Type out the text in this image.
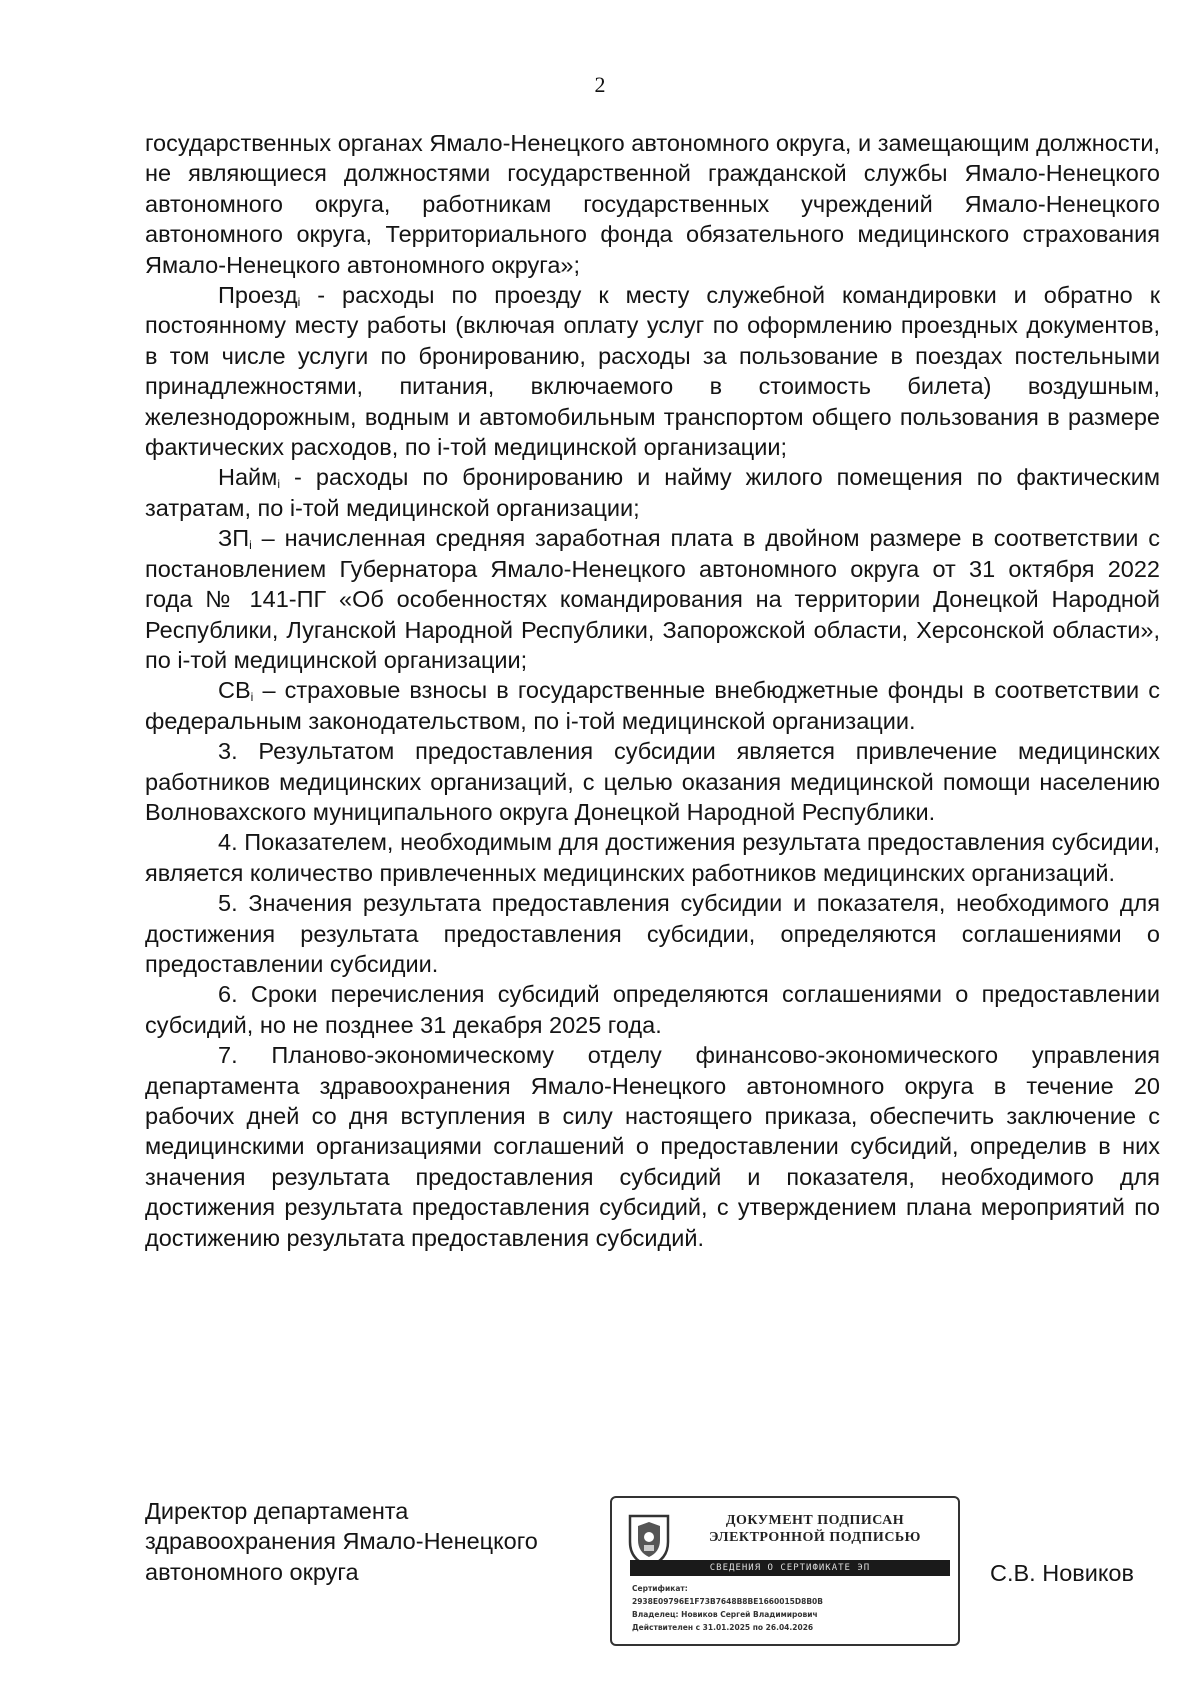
2

государственных органах Ямало-Ненецкого автономного округа, и замещающим должности, не являющиеся должностями государственной гражданской службы Ямало-Ненецкого автономного округа, работникам государственных учреждений Ямало-Ненецкого автономного округа, Территориального фонда обязательного медицинского страхования Ямало-Ненецкого автономного округа»;

Проезд$_i$ - расходы по проезду к месту служебной командировки и обратно к постоянному месту работы (включая оплату услуг по оформлению проездных документов, в том числе услуги по бронированию, расходы за пользование в поездах постельными принадлежностями, питания, включаемого в стоимость билета) воздушным, железнодорожным, водным и автомобильным транспортом общего пользования в размере фактических расходов, по i-той медицинской организации;

Найм$_i$ - расходы по бронированию и найму жилого помещения по фактическим затратам, по i-той медицинской организации;

$ЗП_i$ – начисленная средняя заработная плата в двойном размере в соответствии с постановлением Губернатора Ямало-Ненецкого автономного округа от 31 октября 2022 года № 141-ПГ «Об особенностях командирования на территории Донецкой Народной Республики, Луганской Народной Республики, Запорожской области, Херсонской области», по i-той медицинской организации;

$СВ_i$ – страховые взносы в государственные внебюджетные фонды в соответствии с федеральным законодательством, по i-той медицинской организации.

3. Результатом предоставления субсидии является привлечение медицинских работников медицинских организаций, с целью оказания медицинской помощи населению Волновахского муниципального округа Донецкой Народной Республики.

4. Показателем, необходимым для достижения результата предоставления субсидии, является количество привлеченных медицинских работников медицинских организаций.

5. Значения результата предоставления субсидии и показателя, необходимого для достижения результата предоставления субсидии, определяются соглашениями о предоставлении субсидии.

6. Сроки перечисления субсидий определяются соглашениями о предоставлении субсидий, но не позднее 31 декабря 2025 года.

7. Планово-экономическому отделу финансово-экономического управления департамента здравоохранения Ямало-Ненецкого автономного округа в течение 20 рабочих дней со дня вступления в силу настоящего приказа, обеспечить заключение с медицинскими организациями соглашений о предоставлении субсидий, определив в них значения результата предоставления субсидий и показателя, необходимого для достижения результата предоставления субсидий, с утверждением плана мероприятий по достижению результата предоставления субсидий.

Директор департамента
здравоохранения Ямало-Ненецкого
автономного округа
ДОКУМЕНТ ПОДПИСАН
ЭЛЕКТРОННОЙ ПОДПИСЬЮ
СВЕДЕНИЯ О СЕРТИФИКАТЕ ЭП
Сертификат:
2938E09796E1F73B7648B8BE1660015D8B0B
Владелец: Новиков Сергей Владимирович
Действителен с 31.01.2025 по 26.04.2026
С.В. Новиков
